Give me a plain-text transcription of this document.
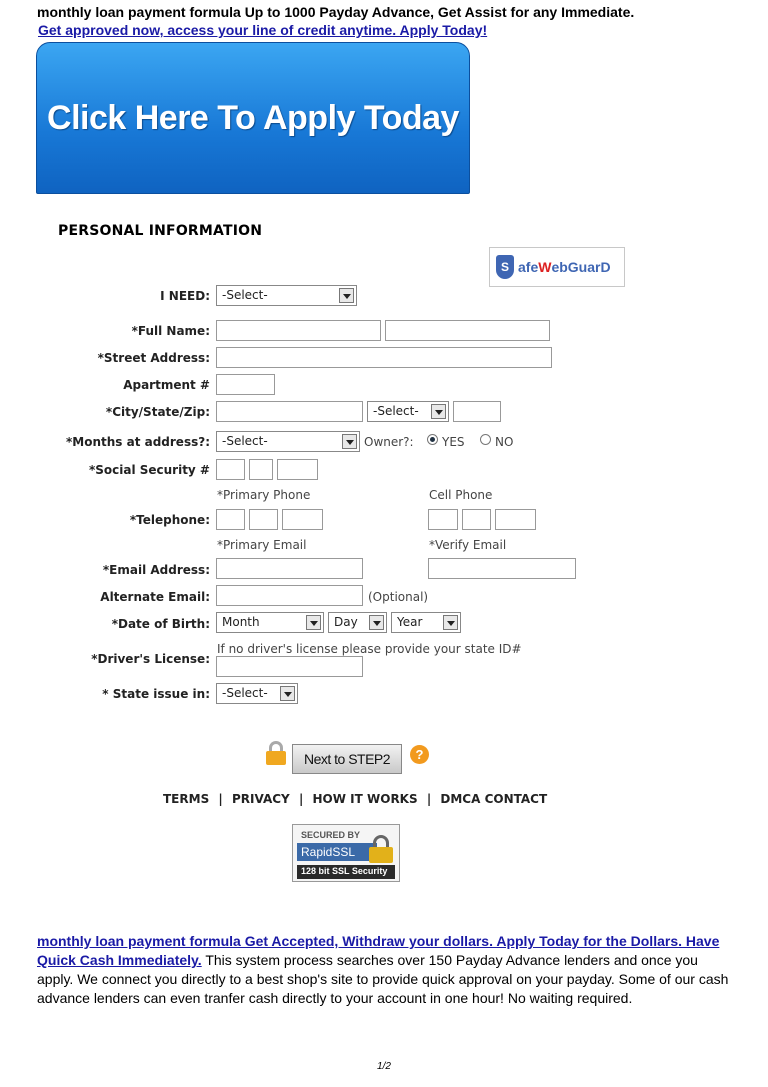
monthly loan payment formula Up to 1000 Payday Advance, Get Assist for any Immediate.
Get approved now, access your line of credit anytime. Apply Today!
Click Here To Apply Today
PERSONAL INFORMATION
S afeWebGuarD
I NEED:	-Select-
*Full Name:
*Street Address:
Apartment #
*City/State/Zip:	-Select-
*Months at address?:	-Select-	Owner?: YES	NO
*Social Security #
*Primary Phone	Cell Phone
*Telephone:
*Primary Email	*Verify Email
*Email Address:
Alternate Email:	(Optional)
*Date of Birth:	Month	Day	Year
If no driver's license please provide your state ID#
*Driver's License:
* State issue in:	-Select-
Next to STEP2	?
TERMS | PRIVACY | HOW IT WORKS | DMCA CONTACT
SECURED BY
RapidSSL
128 bit SSL Security
monthly loan payment formula Get Accepted, Withdraw your dollars. Apply Today for the Dollars. Have Quick Cash Immediately. This system process searches over 150 Payday Advance lenders and once you apply. We connect you directly to a best shop's site to provide quick approval on your payday. Some of our cash advance lenders can even tranfer cash directly to your account in one hour! No waiting required.
1/2
